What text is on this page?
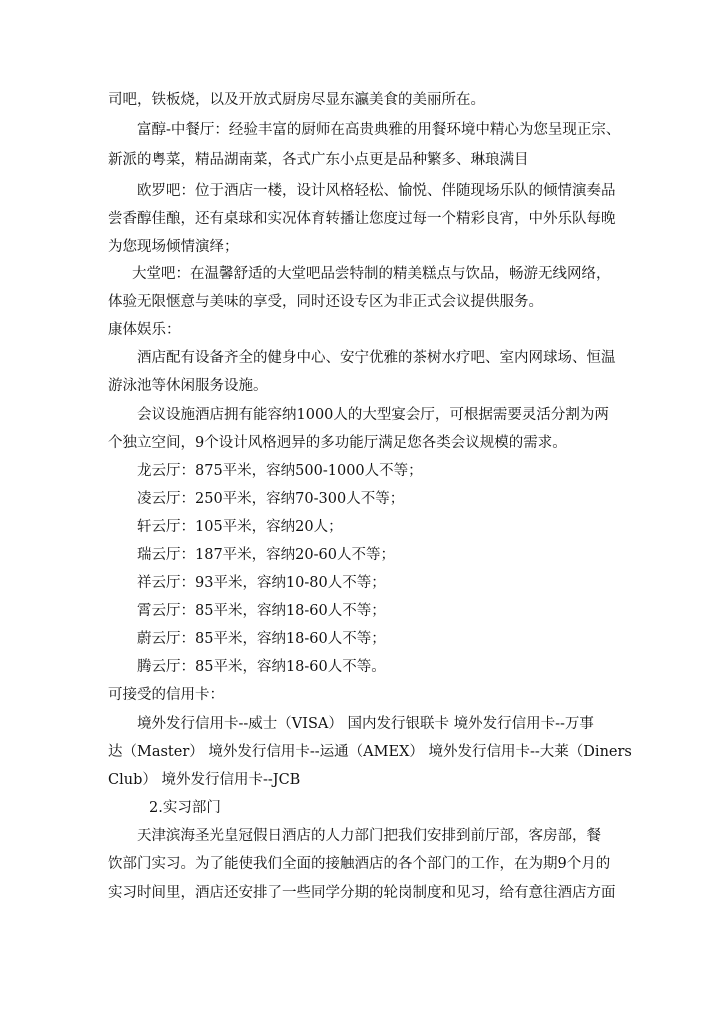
司吧，铁板烧，以及开放式厨房尽显东瀛美食的美丽所在。
富醇-中餐厅：经验丰富的厨师在高贵典雅的用餐环境中精心为您呈现正宗、
新派的粤菜，精品湖南菜，各式广东小点更是品种繁多、琳琅满目
欧罗吧：位于酒店一楼，设计风格轻松、愉悦、伴随现场乐队的倾情演奏品
尝香醇佳酿，还有桌球和实况体育转播让您度过每一个精彩良宵，中外乐队每晚
为您现场倾情演绎；
大堂吧：在温馨舒适的大堂吧品尝特制的精美糕点与饮品，畅游无线网络，
体验无限惬意与美味的享受，同时还设专区为非正式会议提供服务。
康体娱乐：
酒店配有设备齐全的健身中心、安宁优雅的茶树水疗吧、室内网球场、恒温
游泳池等休闲服务设施。
会议设施酒店拥有能容纳1000人的大型宴会厅，可根据需要灵活分割为两
个独立空间，9个设计风格迥异的多功能厅满足您各类会议规模的需求。
龙云厅：875平米，容纳500-1000人不等；
凌云厅：250平米，容纳70-300人不等；
轩云厅：105平米，容纳20人；
瑞云厅：187平米，容纳20-60人不等；
祥云厅：93平米，容纳10-80人不等；
霄云厅：85平米，容纳18-60人不等；
蔚云厅：85平米，容纳18-60人不等；
腾云厅：85平米，容纳18-60人不等。
可接受的信用卡：
境外发行信用卡--威士（VISA） 国内发行银联卡 境外发行信用卡--万事
达（Master） 境外发行信用卡--运通（AMEX） 境外发行信用卡--大莱（Diners
Club） 境外发行信用卡--JCB
2.实习部门
天津滨海圣光皇冠假日酒店的人力部门把我们安排到前厅部，客房部，餐
饮部门实习。为了能使我们全面的接触酒店的各个部门的工作，在为期9个月的
实习时间里，酒店还安排了一些同学分期的轮岗制度和见习，给有意往酒店方面
